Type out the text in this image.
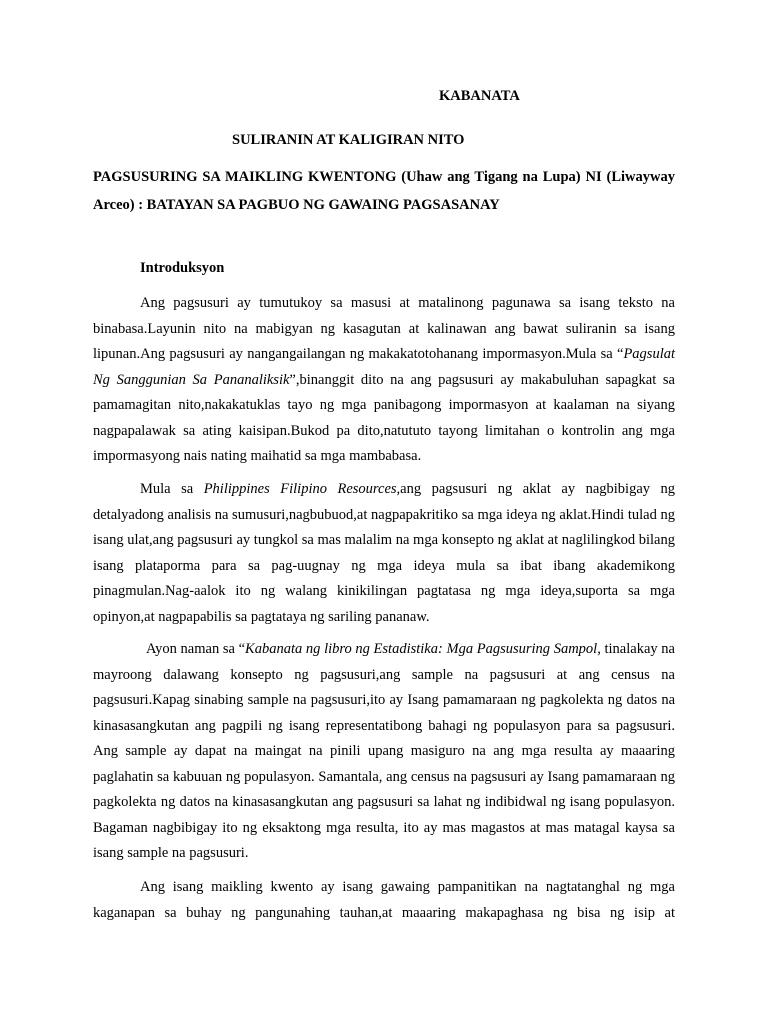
KABANATA
SULIRANIN AT KALIGIRAN NITO
PAGSUSURING SA MAIKLING KWENTONG (Uhaw ang Tigang na Lupa) NI (Liwayway Arceo) : BATAYAN SA PAGBUO NG GAWAING PAGSASANAY
Introduksyon

Ang pagsusuri ay tumutukoy sa masusi at matalinong pagunawa sa isang teksto na binabasa.Layunin nito na mabigyan ng kasagutan at kalinawan ang bawat suliranin sa isang lipunan.Ang pagsusuri ay nangangailangan ng makakatotohanang impormasyon.Mula sa “Pagsulat Ng Sanggunian Sa Pananaliksik”,binanggit dito na ang pagsusuri ay makabuluhan sapagkat sa pamamagitan nito,nakakatuklas tayo ng mga panibagong impormasyon at kaalaman na siyang nagpapalawak sa ating kaisipan.Bukod pa dito,natututo tayong limitahan o kontrolin ang mga impormasyong nais nating maihatid sa mga mambabasa.

Mula sa Philippines Filipino Resources,ang pagsusuri ng aklat ay nagbibigay ng detalyadong analisis na sumusuri,nagbubuod,at nagpapakritiko sa mga ideya ng aklat.Hindi tulad ng isang ulat,ang pagsusuri ay tungkol sa mas malalim na mga konsepto ng aklat at naglilingkod bilang isang plataporma para sa pag-uugnay ng mga ideya mula sa ibat ibang akademikong pinagmulan.Nag-aalok ito ng walang kinikilingan pagtatasa ng mga ideya,suporta sa mga opinyon,at nagpapabilis sa pagtataya ng sariling pananaw.

Ayon naman sa “Kabanata ng libro ng Estadistika: Mga Pagsusuring Sampol, tinalakay na mayroong dalawang konsepto ng pagsusuri,ang sample na pagsusuri at ang census na pagsusuri.Kapag sinabing sample na pagsusuri,ito ay Isang pamamaraan ng pagkolekta ng datos na kinasasangkutan ang pagpili ng isang representatibong bahagi ng populasyon para sa pagsusuri. Ang sample ay dapat na maingat na pinili upang masiguro na ang mga resulta ay maaaring paglahatin sa kabuuan ng populasyon. Samantala, ang census na pagsusuri ay Isang pamamaraan ng pagkolekta ng datos na kinasasangkutan ang pagsusuri sa lahat ng indibidwal ng isang populasyon. Bagaman nagbibigay ito ng eksaktong mga resulta, ito ay mas magastos at mas matagal kaysa sa isang sample na pagsusuri.

Ang isang maikling kwento ay isang gawaing pampanitikan na nagtatanghal ng mga kaganapan sa buhay ng pangunahing tauhan,at maaaring makapaghasa ng bisa ng isip at
